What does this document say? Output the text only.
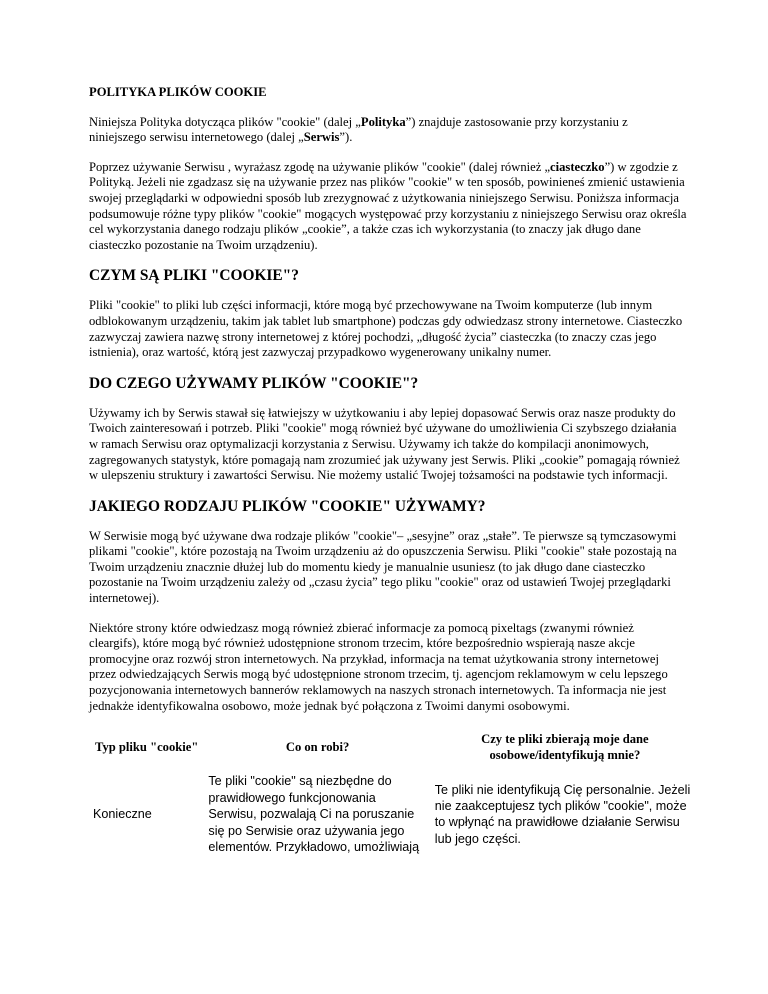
POLITYKA PLIKÓW COOKIE

Niniejsza Polityka dotycząca plików "cookie" (dalej „Polityka”) znajduje zastosowanie przy korzystaniu z niniejszego serwisu internetowego (dalej „Serwis”).

Poprzez używanie Serwisu , wyrażasz zgodę na używanie plików "cookie" (dalej również „ciasteczko”) w zgodzie z Polityką. Jeżeli nie zgadzasz się na używanie przez nas plików "cookie" w ten sposób, powinieneś zmienić ustawienia swojej przeglądarki w odpowiedni sposób lub zrezygnować z użytkowania niniejszego Serwisu. Poniższa informacja podsumowuje różne typy plików "cookie" mogących występować przy korzystaniu z niniejszego Serwisu oraz określa cel wykorzystania danego rodzaju plików „cookie”, a także czas ich wykorzystania (to znaczy jak długo dane ciasteczko pozostanie na Twoim urządzeniu).

CZYM SĄ PLIKI "COOKIE"?

Pliki "cookie" to pliki lub części informacji, które mogą być przechowywane na Twoim komputerze (lub innym odblokowanym urządzeniu, takim jak tablet lub smartphone) podczas gdy odwiedzasz strony internetowe. Ciasteczko zazwyczaj zawiera nazwę strony internetowej z której pochodzi, „długość życia” ciasteczka (to znaczy czas jego istnienia), oraz wartość, którą jest zazwyczaj przypadkowo wygenerowany unikalny numer.

DO CZEGO UŻYWAMY PLIKÓW "COOKIE"?

Używamy ich by Serwis stawał się łatwiejszy w użytkowaniu i aby lepiej dopasować Serwis oraz nasze produkty do Twoich zainteresowań i potrzeb. Pliki "cookie" mogą również być używane do umożliwienia Ci szybszego działania w ramach Serwisu oraz optymalizacji korzystania z Serwisu. Używamy ich także do kompilacji anonimowych, zagregowanych statystyk, które pomagają nam zrozumieć jak używany jest Serwis. Pliki „cookie” pomagają również w ulepszeniu struktury i zawartości Serwisu. Nie możemy ustalić Twojej tożsamości na podstawie tych informacji.

JAKIEGO RODZAJU PLIKÓW "COOKIE" UŻYWAMY?

W Serwisie mogą być używane dwa rodzaje plików "cookie"– „sesyjne” oraz „stałe”. Te pierwsze są tymczasowymi plikami "cookie", które pozostają na Twoim urządzeniu aż do opuszczenia Serwisu. Pliki "cookie" stałe pozostają na Twoim urządzeniu znacznie dłużej lub do momentu kiedy je manualnie usuniesz (to jak długo dane ciasteczko pozostanie na Twoim urządzeniu zależy od „czasu życia” tego pliku "cookie" oraz od ustawień Twojej przeglądarki internetowej).

Niektóre strony które odwiedzasz mogą również zbierać informacje za pomocą pixeltags (zwanymi również cleargifs), które mogą być również udostępnione stronom trzecim, które bezpośrednio wspierają nasze akcje promocyjne oraz rozwój stron internetowych. Na przykład, informacja na temat użytkowania strony internetowej przez odwiedzających Serwis mogą być udostępnione stronom trzecim, tj. agencjom reklamowym w celu lepszego pozycjonowania internetowych bannerów reklamowych na naszych stronach internetowych. Ta informacja nie jest jednakże identyfikowalna osobowo, może jednak być połączona z Twoimi danymi osobowymi.

Typ pliku "cookie"	Co on robi?	Czy te pliki zbierają moje dane osobowe/identyfikują mnie?
Konieczne	Te pliki "cookie" są niezbędne do prawidłowego funkcjonowania Serwisu, pozwalają Ci na poruszanie się po Serwisie oraz używania jego elementów. Przykładowo, umożliwiają	Te pliki nie identyfikują Cię personalnie. Jeżeli nie zaakceptujesz tych plików "cookie", może to wpłynąć na prawidłowe działanie Serwisu lub jego części.
